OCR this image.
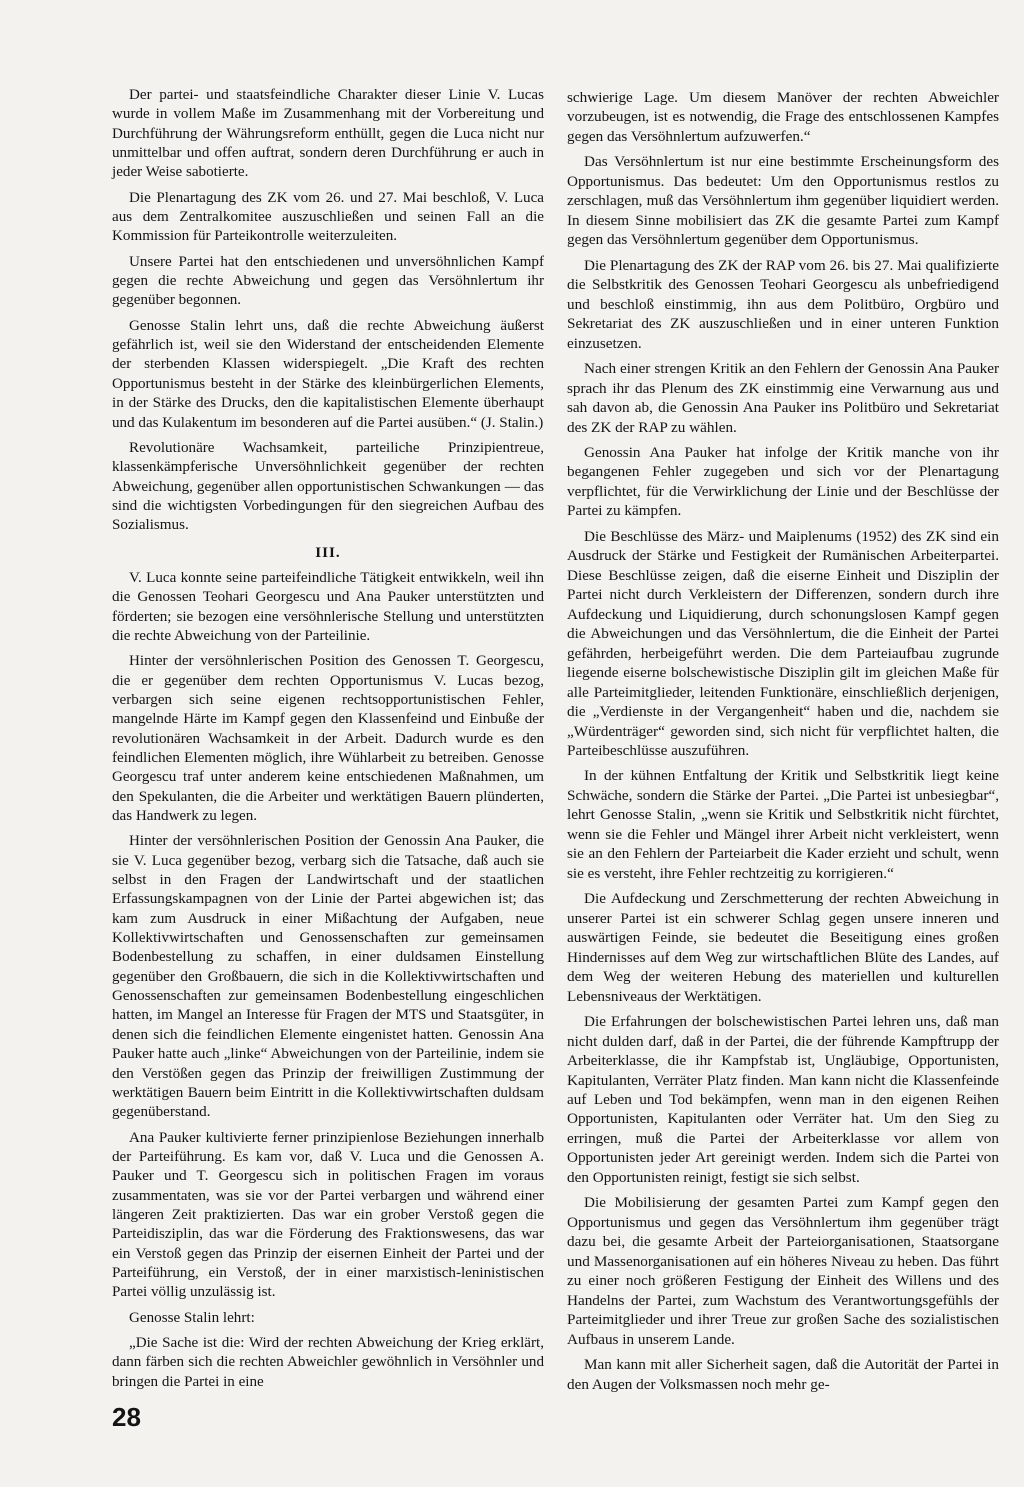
Der partei- und staatsfeindliche Charakter dieser Linie V. Lucas wurde in vollem Maße im Zusammenhang mit der Vorbereitung und Durchführung der Währungsreform enthüllt, gegen die Luca nicht nur unmittelbar und offen auftrat, sondern deren Durchführung er auch in jeder Weise sabotierte.

Die Plenartagung des ZK vom 26. und 27. Mai beschloß, V. Luca aus dem Zentralkomitee auszuschließen und seinen Fall an die Kommission für Parteikontrolle weiterzuleiten.

Unsere Partei hat den entschiedenen und unversöhnlichen Kampf gegen die rechte Abweichung und gegen das Versöhnlertum ihr gegenüber begonnen.

Genosse Stalin lehrt uns, daß die rechte Abweichung äußerst gefährlich ist, weil sie den Widerstand der entscheidenden Elemente der sterbenden Klassen widerspiegelt. „Die Kraft des rechten Opportunismus besteht in der Stärke des kleinbürgerlichen Elements, in der Stärke des Drucks, den die kapitalistischen Elemente überhaupt und das Kulakentum im besonderen auf die Partei ausüben.“ (J. Stalin.)

Revolutionäre Wachsamkeit, parteiliche Prinzipientreue, klassenkämpferische Unversöhnlichkeit gegenüber der rechten Abweichung, gegenüber allen opportunistischen Schwankungen — das sind die wichtigsten Vorbedingungen für den siegreichen Aufbau des Sozialismus.

III.

V. Luca konnte seine parteifeindliche Tätigkeit entwikkeln, weil ihn die Genossen Teohari Georgescu und Ana Pauker unterstützten und förderten; sie bezogen eine versöhnlerische Stellung und unterstützten die rechte Abweichung von der Parteilinie.

Hinter der versöhnlerischen Position des Genossen T. Georgescu, die er gegenüber dem rechten Opportunismus V. Lucas bezog, verbargen sich seine eigenen rechtsopportunistischen Fehler, mangelnde Härte im Kampf gegen den Klassenfeind und Einbuße der revolutionären Wachsamkeit in der Arbeit. Dadurch wurde es den feindlichen Elementen möglich, ihre Wühlarbeit zu betreiben. Genosse Georgescu traf unter anderem keine entschiedenen Maßnahmen, um den Spekulanten, die die Arbeiter und werktätigen Bauern plünderten, das Handwerk zu legen.

Hinter der versöhnlerischen Position der Genossin Ana Pauker, die sie V. Luca gegenüber bezog, verbarg sich die Tatsache, daß auch sie selbst in den Fragen der Landwirtschaft und der staatlichen Erfassungskampagnen von der Linie der Partei abgewichen ist; das kam zum Ausdruck in einer Mißachtung der Aufgaben, neue Kollektivwirtschaften und Genossenschaften zur gemeinsamen Bodenbestellung zu schaffen, in einer duldsamen Einstellung gegenüber den Großbauern, die sich in die Kollektivwirtschaften und Genossenschaften zur gemeinsamen Bodenbestellung eingeschlichen hatten, im Mangel an Interesse für Fragen der MTS und Staatsgüter, in denen sich die feindlichen Elemente eingenistet hatten. Genossin Ana Pauker hatte auch „linke“ Abweichungen von der Parteilinie, indem sie den Verstößen gegen das Prinzip der freiwilligen Zustimmung der werktätigen Bauern beim Eintritt in die Kollektivwirtschaften duldsam gegenüberstand.

Ana Pauker kultivierte ferner prinzipienlose Beziehungen innerhalb der Parteiführung. Es kam vor, daß V. Luca und die Genossen A. Pauker und T. Georgescu sich in politischen Fragen im voraus zusammentaten, was sie vor der Partei verbargen und während einer längeren Zeit praktizierten. Das war ein grober Verstoß gegen die Parteidisziplin, das war die Förderung des Fraktionswesens, das war ein Verstoß gegen das Prinzip der eisernen Einheit der Partei und der Parteiführung, ein Verstoß, der in einer marxistisch-leninistischen Partei völlig unzulässig ist.

Genosse Stalin lehrt:

„Die Sache ist die: Wird der rechten Abweichung der Krieg erklärt, dann färben sich die rechten Abweichler gewöhnlich in Versöhnler und bringen die Partei in eine

schwierige Lage. Um diesem Manöver der rechten Abweichler vorzubeugen, ist es notwendig, die Frage des entschlossenen Kampfes gegen das Versöhnlertum aufzuwerfen.“

Das Versöhnlertum ist nur eine bestimmte Erscheinungsform des Opportunismus. Das bedeutet: Um den Opportunismus restlos zu zerschlagen, muß das Versöhnlertum ihm gegenüber liquidiert werden. In diesem Sinne mobilisiert das ZK die gesamte Partei zum Kampf gegen das Versöhnlertum gegenüber dem Opportunismus.

Die Plenartagung des ZK der RAP vom 26. bis 27. Mai qualifizierte die Selbstkritik des Genossen Teohari Georgescu als unbefriedigend und beschloß einstimmig, ihn aus dem Politbüro, Orgbüro und Sekretariat des ZK auszuschließen und in einer unteren Funktion einzusetzen.

Nach einer strengen Kritik an den Fehlern der Genossin Ana Pauker sprach ihr das Plenum des ZK einstimmig eine Verwarnung aus und sah davon ab, die Genossin Ana Pauker ins Politbüro und Sekretariat des ZK der RAP zu wählen.

Genossin Ana Pauker hat infolge der Kritik manche von ihr begangenen Fehler zugegeben und sich vor der Plenartagung verpflichtet, für die Verwirklichung der Linie und der Beschlüsse der Partei zu kämpfen.

Die Beschlüsse des März- und Maiplenums (1952) des ZK sind ein Ausdruck der Stärke und Festigkeit der Rumänischen Arbeiterpartei. Diese Beschlüsse zeigen, daß die eiserne Einheit und Disziplin der Partei nicht durch Verkleistern der Differenzen, sondern durch ihre Aufdeckung und Liquidierung, durch schonungslosen Kampf gegen die Abweichungen und das Versöhnlertum, die die Einheit der Partei gefährden, herbeigeführt werden. Die dem Parteiaufbau zugrunde liegende eiserne bolschewistische Disziplin gilt im gleichen Maße für alle Parteimitglieder, leitenden Funktionäre, einschließlich derjenigen, die „Verdienste in der Vergangenheit“ haben und die, nachdem sie „Würdenträger“ geworden sind, sich nicht für verpflichtet halten, die Parteibeschlüsse auszuführen.

In der kühnen Entfaltung der Kritik und Selbstkritik liegt keine Schwäche, sondern die Stärke der Partei. „Die Partei ist unbesiegbar“, lehrt Genosse Stalin, „wenn sie Kritik und Selbstkritik nicht fürchtet, wenn sie die Fehler und Mängel ihrer Arbeit nicht verkleistert, wenn sie an den Fehlern der Parteiarbeit die Kader erzieht und schult, wenn sie es versteht, ihre Fehler rechtzeitig zu korrigieren.“

Die Aufdeckung und Zerschmetterung der rechten Abweichung in unserer Partei ist ein schwerer Schlag gegen unsere inneren und auswärtigen Feinde, sie bedeutet die Beseitigung eines großen Hindernisses auf dem Weg zur wirtschaftlichen Blüte des Landes, auf dem Weg der weiteren Hebung des materiellen und kulturellen Lebensniveaus der Werktätigen.

Die Erfahrungen der bolschewistischen Partei lehren uns, daß man nicht dulden darf, daß in der Partei, die der führende Kampftrupp der Arbeiterklasse, die ihr Kampfstab ist, Ungläubige, Opportunisten, Kapitulanten, Verräter Platz finden. Man kann nicht die Klassenfeinde auf Leben und Tod bekämpfen, wenn man in den eigenen Reihen Opportunisten, Kapitulanten oder Verräter hat. Um den Sieg zu erringen, muß die Partei der Arbeiterklasse vor allem von Opportunisten jeder Art gereinigt werden. Indem sich die Partei von den Opportunisten reinigt, festigt sie sich selbst.

Die Mobilisierung der gesamten Partei zum Kampf gegen den Opportunismus und gegen das Versöhnlertum ihm gegenüber trägt dazu bei, die gesamte Arbeit der Parteiorganisationen, Staatsorgane und Massenorganisationen auf ein höheres Niveau zu heben. Das führt zu einer noch größeren Festigung der Einheit des Willens und des Handelns der Partei, zum Wachstum des Verantwortungsgefühls der Parteimitglieder und ihrer Treue zur großen Sache des sozialistischen Aufbaus in unserem Lande.

Man kann mit aller Sicherheit sagen, daß die Autorität der Partei in den Augen der Volksmassen noch mehr ge-

28
